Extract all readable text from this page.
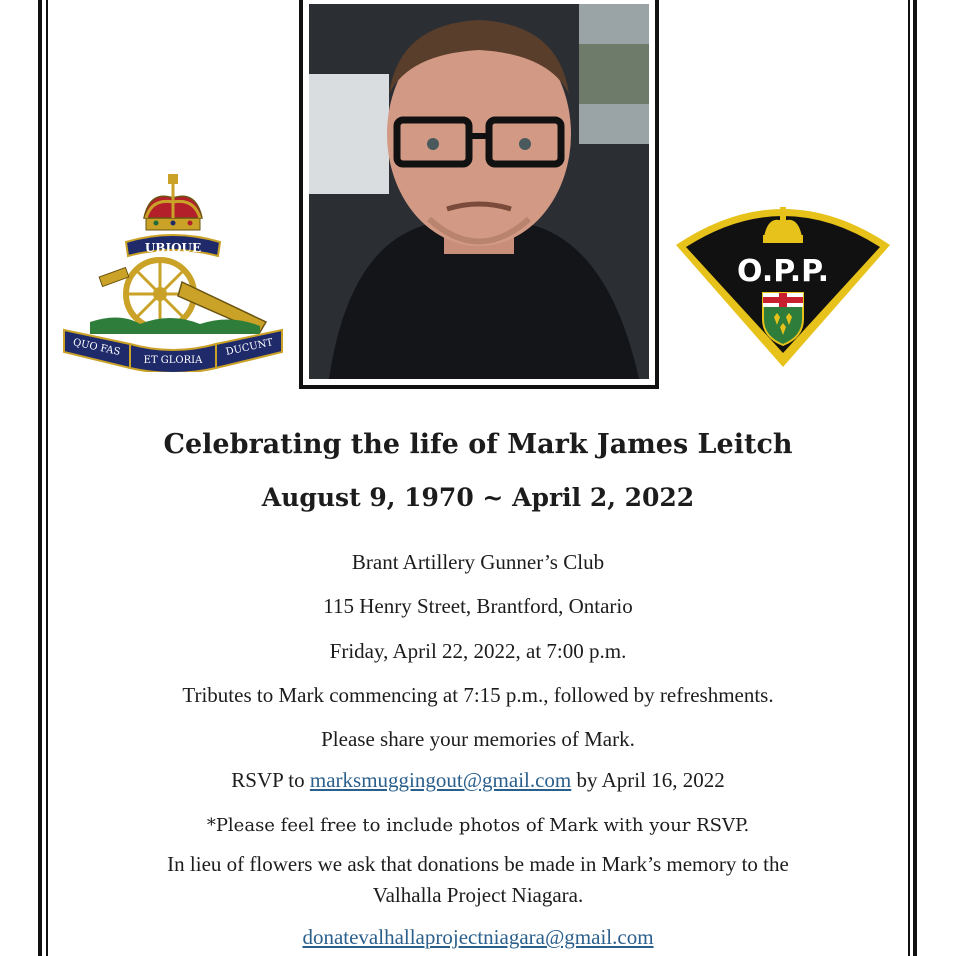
UBIQUE
QUO FAS
ET GLORIA
DUCUNT
O.P.P.
Celebrating the life of Mark James Leitch
August 9, 1970 ~ April 2, 2022
Brant Artillery Gunner’s Club
115 Henry Street, Brantford, Ontario
Friday, April 22, 2022, at 7:00 p.m.
Tributes to Mark commencing at 7:15 p.m., followed by refreshments.
Please share your memories of Mark.
RSVP to marksmuggingout@gmail.com by April 16, 2022
*Please feel free to include photos of Mark with your RSVP.
In lieu of flowers we ask that donations be made in Mark’s memory to the
Valhalla Project Niagara.
donatevalhallaprojectniagara@gmail.com
